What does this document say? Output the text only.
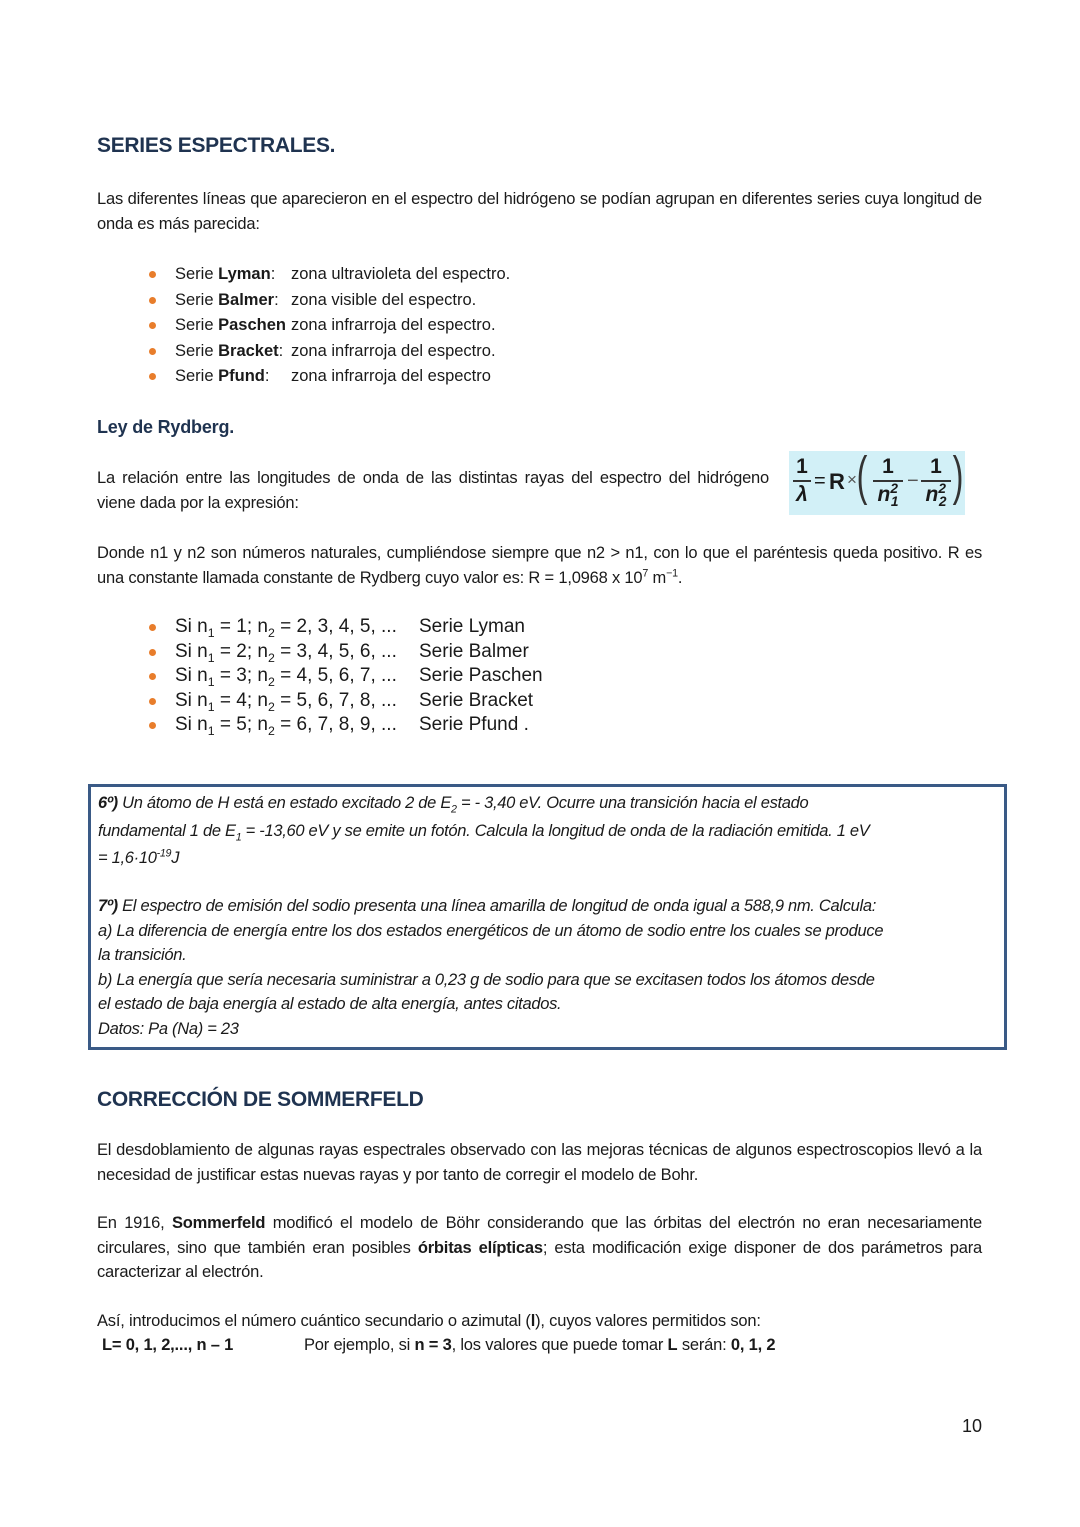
SERIES ESPECTRALES.
Las diferentes líneas que aparecieron en el espectro del hidrógeno se podían agrupan en diferentes series cuya longitud de onda es más parecida:
Serie Lyman: zona ultravioleta del espectro.
Serie Balmer: zona visible del espectro.
Serie Paschen zona infrarroja del espectro.
Serie Bracket: zona infrarroja del espectro.
Serie Pfund: zona infrarroja del espectro
Ley de Rydberg.
La relación entre las longitudes de onda de las distintas rayas del espectro del hidrógeno viene dada por la expresión:
1
λ
= R × ( 1
$n^2_1$
−
1
$n^2_2$ )
Donde n1 y n2 son números naturales, cumpliéndose siempre que n2 > n1, con lo que el paréntesis queda positivo. R es una constante llamada constante de Rydberg cuyo valor es: R = 1,0968 x $10^7$ $m^{-1}$.
Si $n_1 = 1$; $n_2 = 2$, 3, 4, 5, ... Serie Lyman
Si $n_1 = 2$; $n_2 = 3$, 4, 5, 6, ... Serie Balmer
Si $n_1 = 3$; $n_2 = 4$, 5, 6, 7, ... Serie Paschen
Si $n_1 = 4$; $n_2 = 5$, 6, 7, 8, ... Serie Bracket
Si $n_1 = 5$; $n_2 = 6$, 7, 8, 9, ... Serie Pfund .
6º) Un átomo de H está en estado excitado 2 de $E_2$ = - 3,40 eV. Ocurre una transición hacia el estado
fundamental 1 de $E_1 = -13,60$ eV y se emite un fotón. Calcula la longitud de onda de la radiación emitida. 1 eV
= $1,6\cdot 10^{-19}J$
7º) El espectro de emisión del sodio presenta una línea amarilla de longitud de onda igual a 588,9 nm. Calcula:
a) La diferencia de energía entre los dos estados energéticos de un átomo de sodio entre los cuales se produce
la transición.
b) La energía que sería necesaria suministrar a 0,23 g de sodio para que se excitasen todos los átomos desde
el estado de baja energía al estado de alta energía, antes citados.
Datos: Pa (Na) = 23
CORRECCIÓN DE SOMMERFELD
El desdoblamiento de algunas rayas espectrales observado con las mejoras técnicas de algunos espectroscopios llevó a la necesidad de justificar estas nuevas rayas y por tanto de corregir el modelo de Bohr.
En 1916, Sommerfeld modificó el modelo de Böhr considerando que las órbitas del electrón no eran necesariamente circulares, sino que también eran posibles órbitas elípticas; esta modificación exige disponer de dos parámetros para caracterizar al electrón.
Así, introducimos el número cuántico secundario o azimutal (l), cuyos valores permitidos son:
L= 0, 1, 2,..., n – 1	Por ejemplo, si n = 3, los valores que puede tomar L serán: 0, 1, 2
10
